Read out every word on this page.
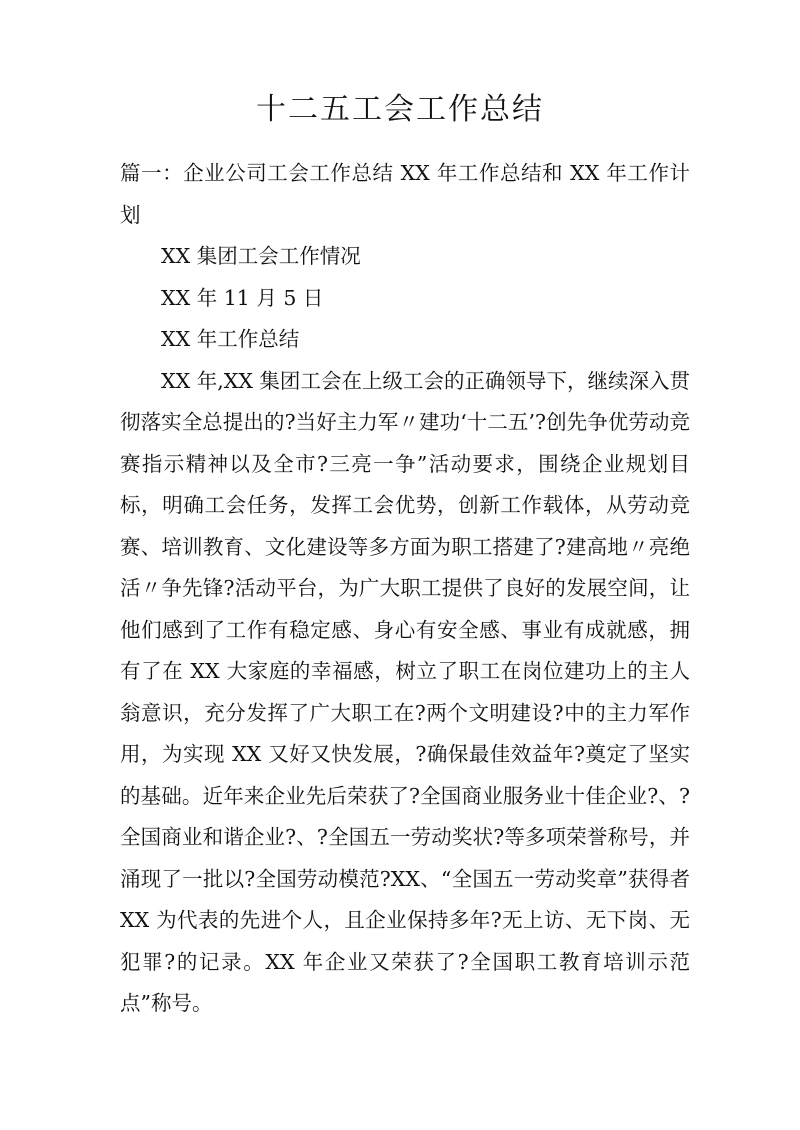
十二五工会工作总结

篇一：企业公司工会工作总结 XX 年工作总结和 XX 年工作计划

XX 集团工会工作情况

XX 年 11 月 5 日

XX 年工作总结

XX 年,XX 集团工会在上级工会的正确领导下，继续深入贯彻落实全总提出的?当好主力军〃建功‘十二五’?创先争优劳动竞赛指示精神以及全市?三亮一争”活动要求，围绕企业规划目标，明确工会任务，发挥工会优势，创新工作载体，从劳动竞赛、培训教育、文化建设等多方面为职工搭建了?建高地〃亮绝活〃争先锋?活动平台，为广大职工提供了良好的发展空间，让他们感到了工作有稳定感、身心有安全感、事业有成就感，拥有了在 XX 大家庭的幸福感，树立了职工在岗位建功上的主人翁意识，充分发挥了广大职工在?两个文明建设?中的主力军作用，为实现 XX 又好又快发展，?确保最佳效益年?奠定了坚实的基础。近年来企业先后荣获了?全国商业服务业十佳企业?、?全国商业和谐企业?、?全国五一劳动奖状?等多项荣誉称号，并涌现了一批以?全国劳动模范?XX、“全国五一劳动奖章”获得者 XX 为代表的先进个人，且企业保持多年?无上访、无下岗、无犯罪?的记录。XX 年企业又荣获了?全国职工教育培训示范点”称号。
